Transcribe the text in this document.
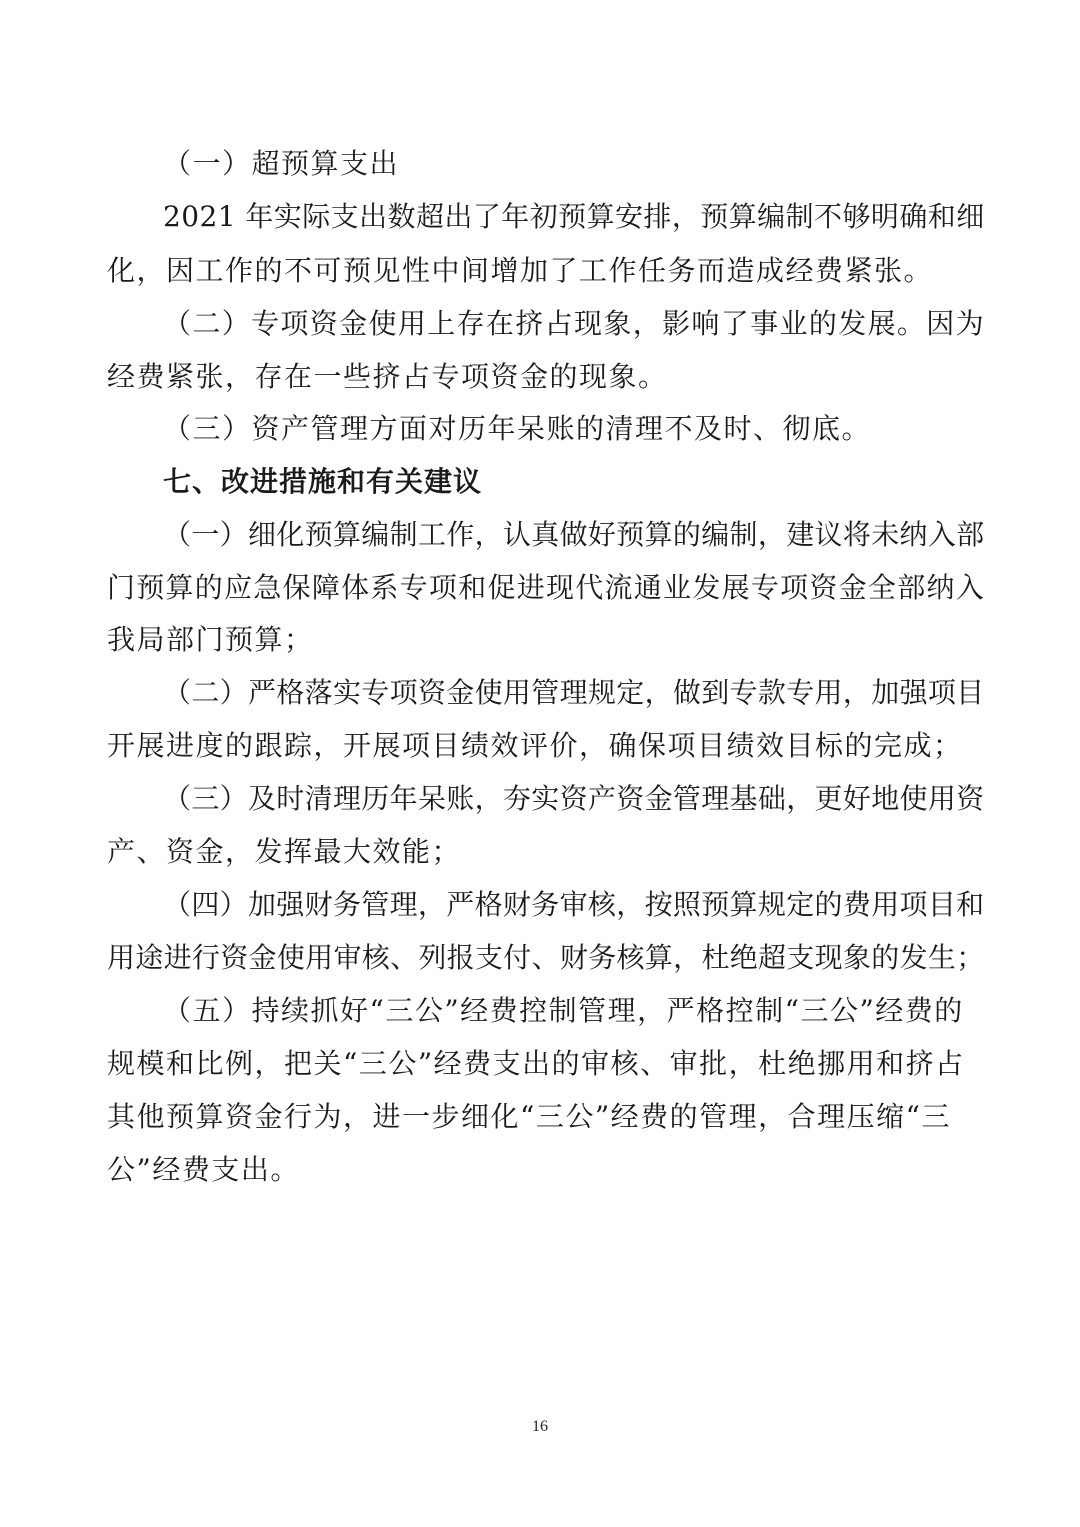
（一）超预算支出
2021 年实际支出数超出了年初预算安排，预算编制不够明确和细
化，因工作的不可预见性中间增加了工作任务而造成经费紧张。
（二）专项资金使用上存在挤占现象，影响了事业的发展。因为
经费紧张，存在一些挤占专项资金的现象。
（三）资产管理方面对历年呆账的清理不及时、彻底。
七、改进措施和有关建议
（一）细化预算编制工作，认真做好预算的编制，建议将未纳入部
门预算的应急保障体系专项和促进现代流通业发展专项资金全部纳入
我局部门预算；
（二）严格落实专项资金使用管理规定，做到专款专用，加强项目
开展进度的跟踪，开展项目绩效评价，确保项目绩效目标的完成；
（三）及时清理历年呆账，夯实资产资金管理基础，更好地使用资
产、资金，发挥最大效能；
（四）加强财务管理，严格财务审核，按照预算规定的费用项目和
用途进行资金使用审核、列报支付、财务核算，杜绝超支现象的发生；
（五）持续抓好“三公”经费控制管理，严格控制“三公”经费的
规模和比例，把关“三公”经费支出的审核、审批，杜绝挪用和挤占
其他预算资金行为，进一步细化“三公”经费的管理，合理压缩“三
公”经费支出。
16
